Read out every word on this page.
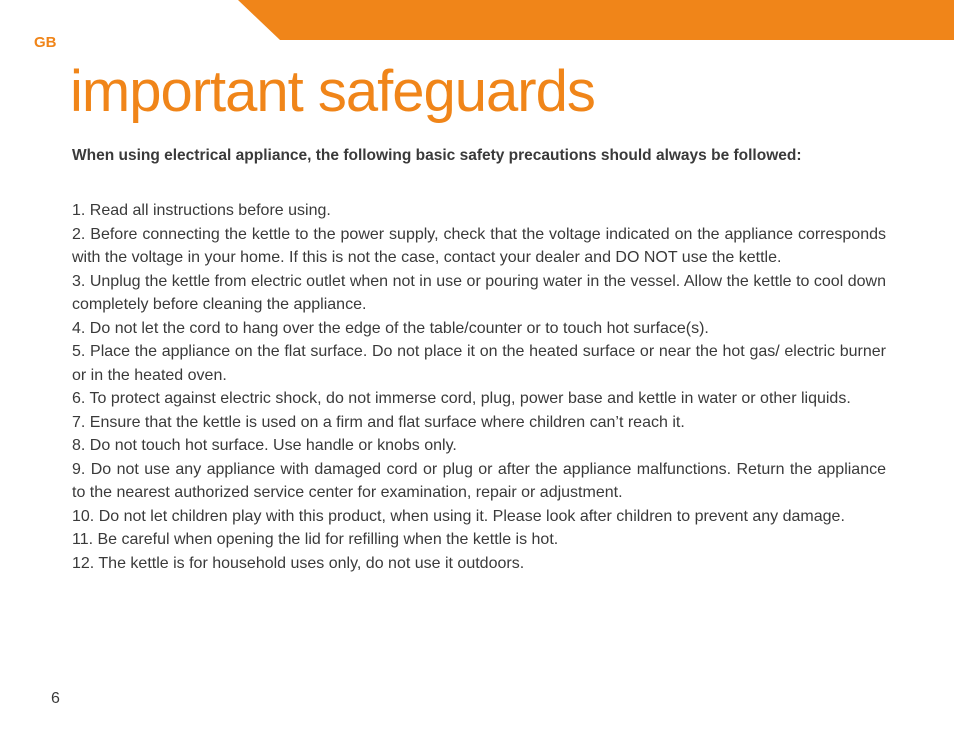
GB
important safeguards

When using electrical appliance, the following basic safety precautions should always be followed:

1. Read all instructions before using.
2. Before connecting the kettle to the power supply, check that the voltage indicated on the appliance corresponds with the voltage in your home. If this is not the case, contact your dealer and DO NOT use the kettle.
3. Unplug the kettle from electric outlet when not in use or pouring water in the vessel. Allow the kettle to cool down completely before cleaning the appliance.
4. Do not let the cord to hang over the edge of the table/counter or to touch hot surface(s).
5. Place the appliance on the flat surface. Do not place it on the heated surface or near the hot gas/ electric burner or in the heated oven.
6. To protect against electric shock, do not immerse cord, plug, power base and kettle in water or other liquids.
7. Ensure that the kettle is used on a firm and flat surface where children can’t reach it.
8. Do not touch hot surface. Use handle or knobs only.
9. Do not use any appliance with damaged cord or plug or after the appliance malfunctions. Return the appliance to the nearest authorized service center for examination, repair or adjustment.
10. Do not let children play with this product, when using it. Please look after children to prevent any damage.
11. Be careful when opening the lid for refilling when the kettle is hot.
12. The kettle is for household uses only, do not use it outdoors.
6
